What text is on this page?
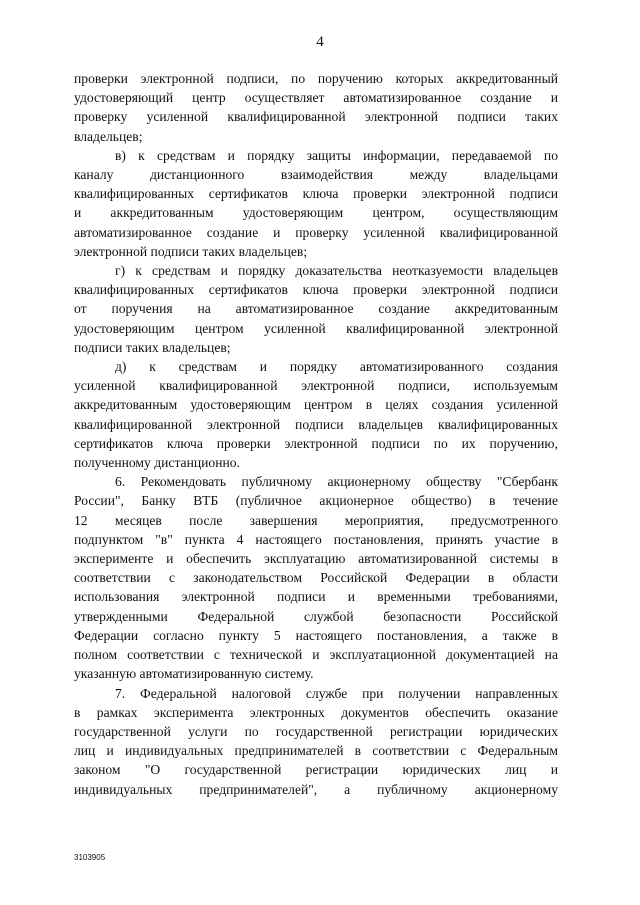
4

проверки электронной подписи, по поручению которых аккредитованный
удостоверяющий центр осуществляет автоматизированное создание и
проверку усиленной квалифицированной электронной подписи таких
владельцев;

в) к средствам и порядку защиты информации, передаваемой по
каналу дистанционного взаимодействия между владельцами
квалифицированных сертификатов ключа проверки электронной подписи
и аккредитованным удостоверяющим центром, осуществляющим
автоматизированное создание и проверку усиленной квалифицированной
электронной подписи таких владельцев;

г) к средствам и порядку доказательства неотказуемости владельцев
квалифицированных сертификатов ключа проверки электронной подписи
от поручения на автоматизированное создание аккредитованным
удостоверяющим центром усиленной квалифицированной электронной
подписи таких владельцев;

д) к средствам и порядку автоматизированного создания
усиленной квалифицированной электронной подписи, используемым
аккредитованным удостоверяющим центром в целях создания усиленной
квалифицированной электронной подписи владельцев квалифицированных
сертификатов ключа проверки электронной подписи по их поручению,
полученному дистанционно.

6. Рекомендовать публичному акционерному обществу "Сбербанк
России", Банку ВТБ (публичное акционерное общество) в течение
12 месяцев после завершения мероприятия, предусмотренного
подпунктом "в" пункта 4 настоящего постановления, принять участие в
эксперименте и обеспечить эксплуатацию автоматизированной системы в
соответствии с законодательством Российской Федерации в области
использования электронной подписи и временными требованиями,
утвержденными Федеральной службой безопасности Российской
Федерации согласно пункту 5 настоящего постановления, а также в
полном соответствии с технической и эксплуатационной документацией на
указанную автоматизированную систему.

7. Федеральной налоговой службе при получении направленных
в рамках эксперимента электронных документов обеспечить оказание
государственной услуги по государственной регистрации юридических
лиц и индивидуальных предпринимателей в соответствии с Федеральным
законом "О государственной регистрации юридических лиц и
индивидуальных предпринимателей", а публичному акционерному

3103905
